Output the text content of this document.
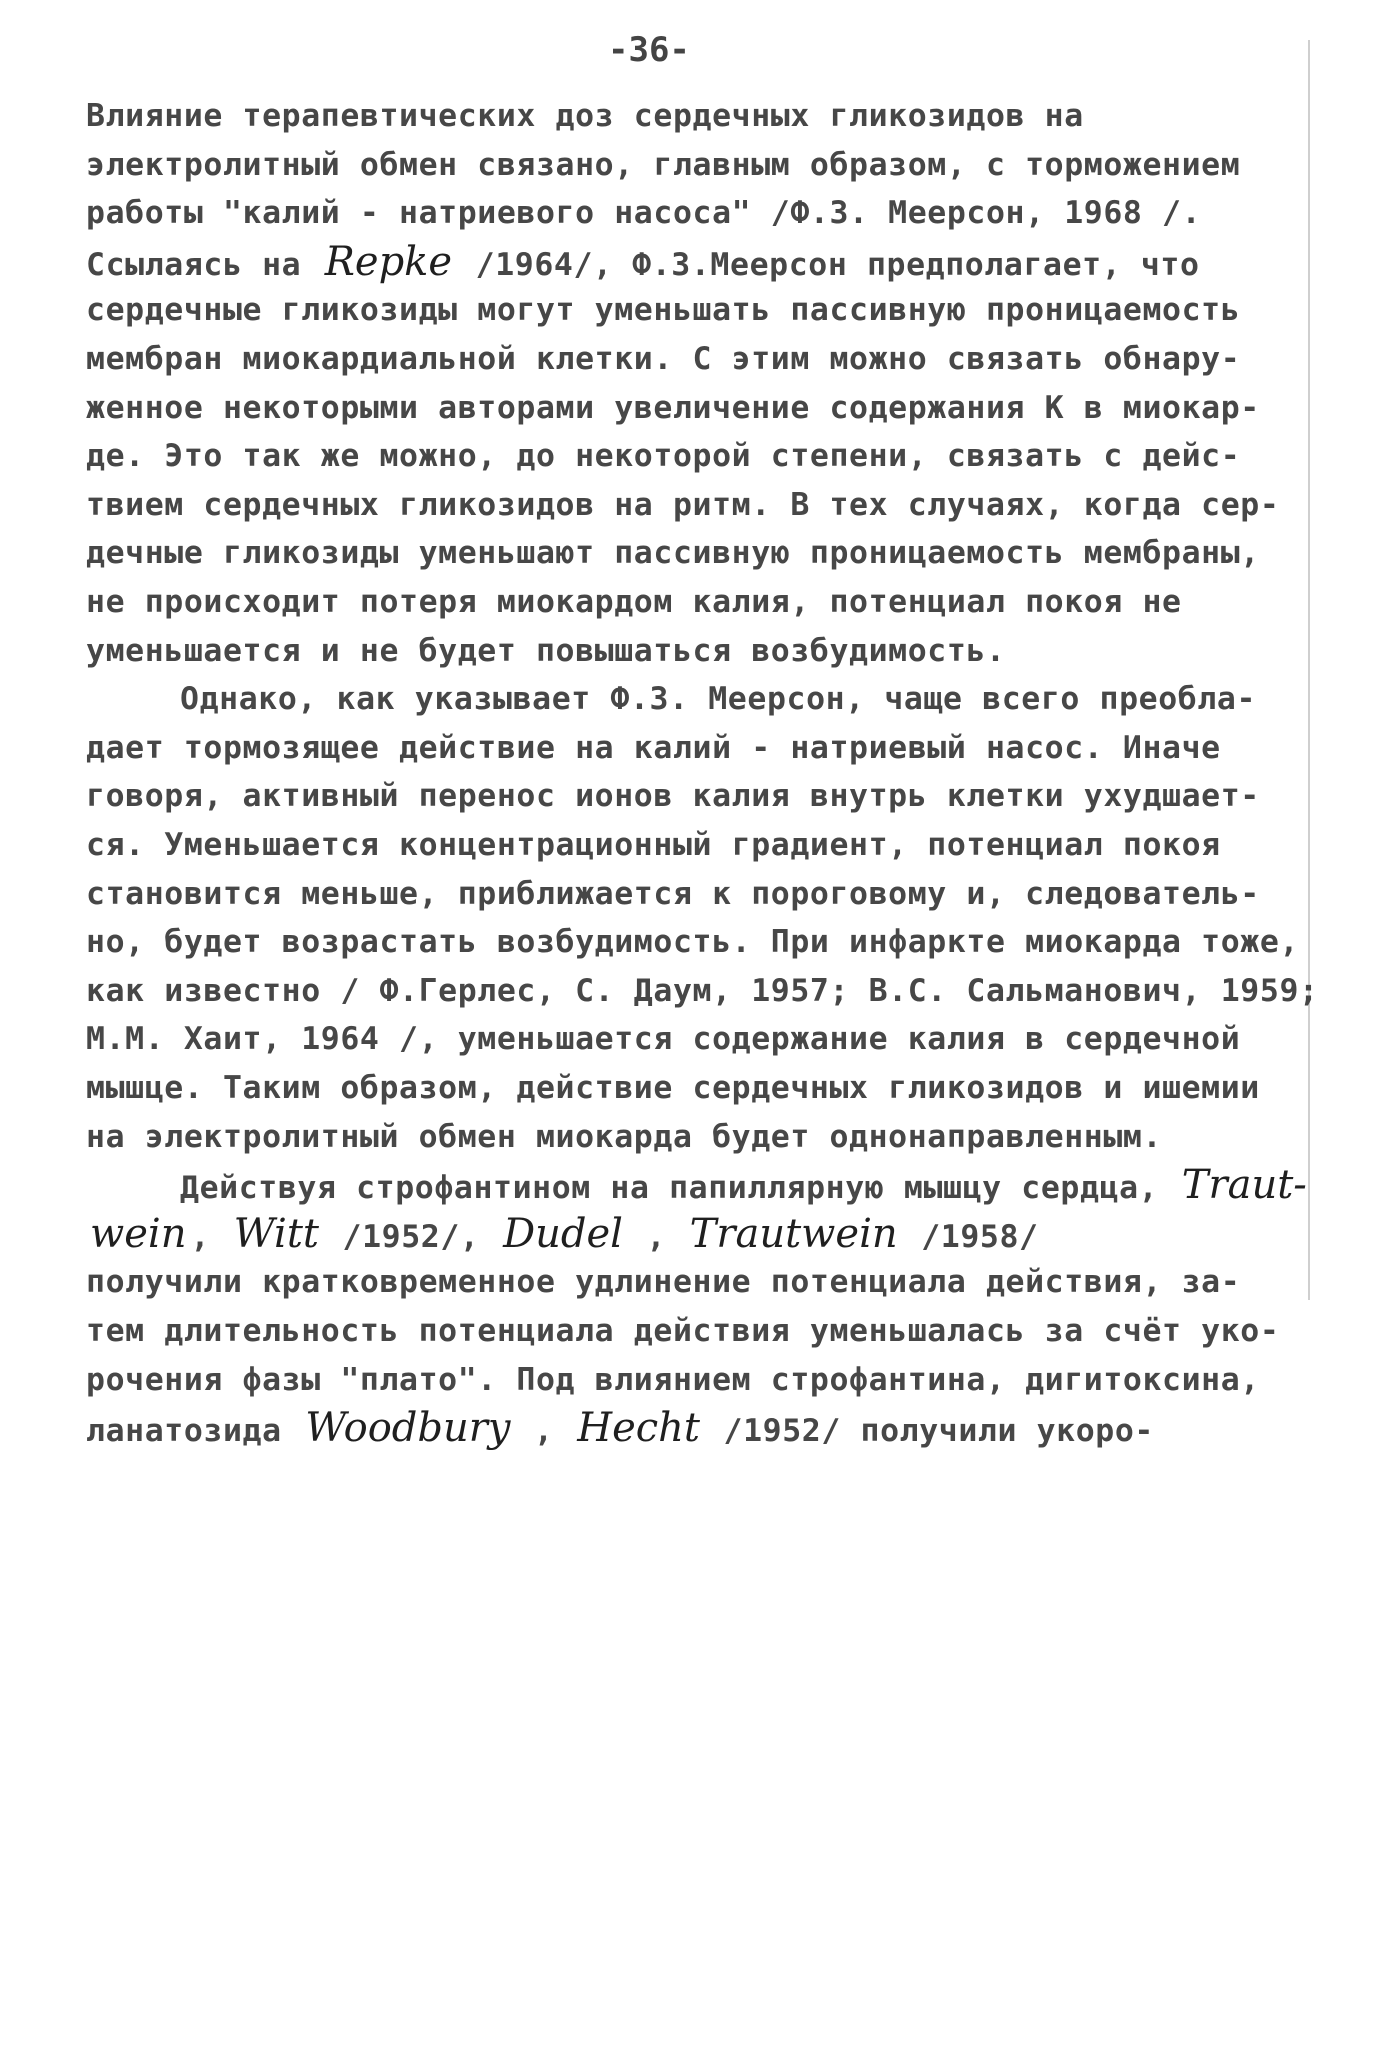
-36-
Влияние терапевтических доз сердечных гликозидов на
электролитный обмен связано, главным образом, с торможением
работы "калий - натриевого насоса" /Ф.З. Меерсон, 1968 /.
Ссылаясь на Repke /1964/, Ф.З.Меерсон предполагает, что
сердечные гликозиды могут уменьшать пассивную проницаемость
мембран миокардиальной клетки. С этим можно связать обнару-
женное некоторыми авторами увеличение содержания К в миокар-
де. Это так же можно, до некоторой степени, связать с дейс-
твием сердечных гликозидов на ритм. В тех случаях, когда сер-
дечные гликозиды уменьшают пассивную проницаемость мембраны,
не происходит потеря миокардом калия, потенциал покоя не
уменьшается и не будет повышаться возбудимость.
Однако, как указывает Ф.З. Меерсон, чаще всего преобла-
дает тормозящее действие на калий - натриевый насос. Иначе
говоря, активный перенос ионов калия внутрь клетки ухудшает-
ся. Уменьшается концентрационный градиент, потенциал покоя
становится меньше, приближается к пороговому и, следователь-
но, будет возрастать возбудимость. При инфаркте миокарда тоже,
как известно / Ф.Герлес, С. Даум, 1957; В.С. Сальманович, 1959;
М.М. Хаит, 1964 /, уменьшается содержание калия в сердечной
мышце. Таким образом, действие сердечных гликозидов и ишемии
на электролитный обмен миокарда будет однонаправленным.
Действуя строфантином на папиллярную мышцу сердца, Traut-
wein , Witt /1952/, Dudel , Trautwein /1958/
получили кратковременное удлинение потенциала действия, за-
тем длительность потенциала действия уменьшалась за счёт уко-
рочения фазы "плато". Под влиянием строфантина, дигитоксина,
ланатозида Woodbury , Hecht /1952/ получили укоро-
